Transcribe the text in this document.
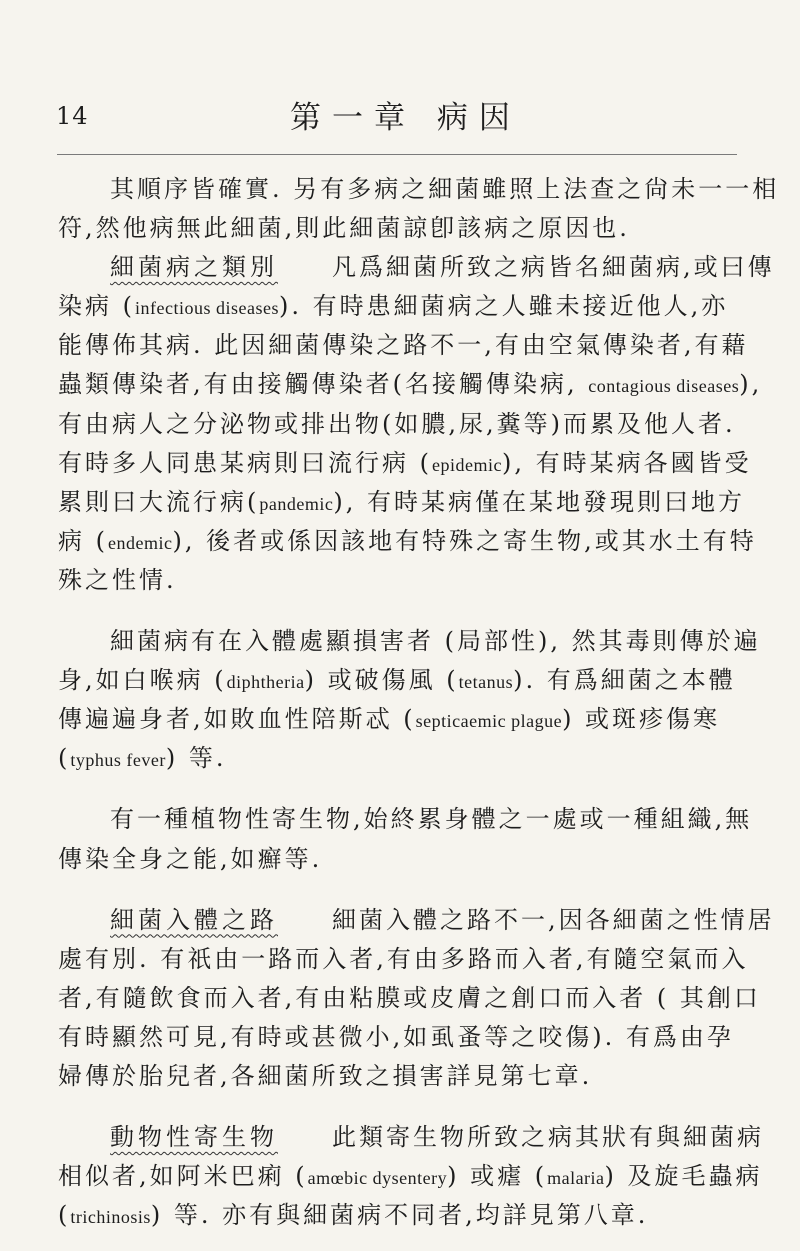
14	第一章 病因
其順序皆確實. 另有多病之細菌雖照上法查之尙未一一相
符,然他病無此細菌,則此細菌諒卽該病之原因也.
細菌病之類別　　 凡爲細菌所致之病皆名細菌病,或曰傳
染病 (infectious diseases). 有時患細菌病之人雖未接近他人,亦
能傳佈其病. 此因細菌傳染之路不一,有由空氣傳染者,有藉
蟲類傳染者,有由接觸傳染者(名接觸傳染病, contagious diseases),
有由病人之分泌物或排出物(如膿,尿,糞等)而累及他人者.
有時多人同患某病則曰流行病 (epidemic), 有時某病各國皆受
累則曰大流行病(pandemic), 有時某病僅在某地發現則曰地方
病 (endemic), 後者或係因該地有特殊之寄生物,或其水土有特
殊之性情.
細菌病有在入體處顯損害者 (局部性), 然其毒則傳於遍
身,如白喉病 (diphtheria) 或破傷風 (tetanus). 有爲細菌之本體
傳遍遍身者,如敗血性陪斯忒 (septicaemic plague) 或斑疹傷寒
(typhus fever) 等.
有一種植物性寄生物,始終累身體之一處或一種組織,無
傳染全身之能,如癬等.
細菌入體之路　　 細菌入體之路不一,因各細菌之性情居
處有別. 有祇由一路而入者,有由多路而入者,有隨空氣而入
者,有隨飲食而入者,有由粘膜或皮膚之創口而入者 ( 其創口
有時顯然可見,有時或甚微小,如虱蚤等之咬傷). 有爲由孕
婦傳於胎兒者,各細菌所致之損害詳見第七章.
動物性寄生物　　 此類寄生物所致之病其狀有與細菌病
相似者,如阿米巴痢 (amœbic dysentery) 或瘧 (malaria) 及旋毛蟲病
(trichinosis) 等. 亦有與細菌病不同者,均詳見第八章.
